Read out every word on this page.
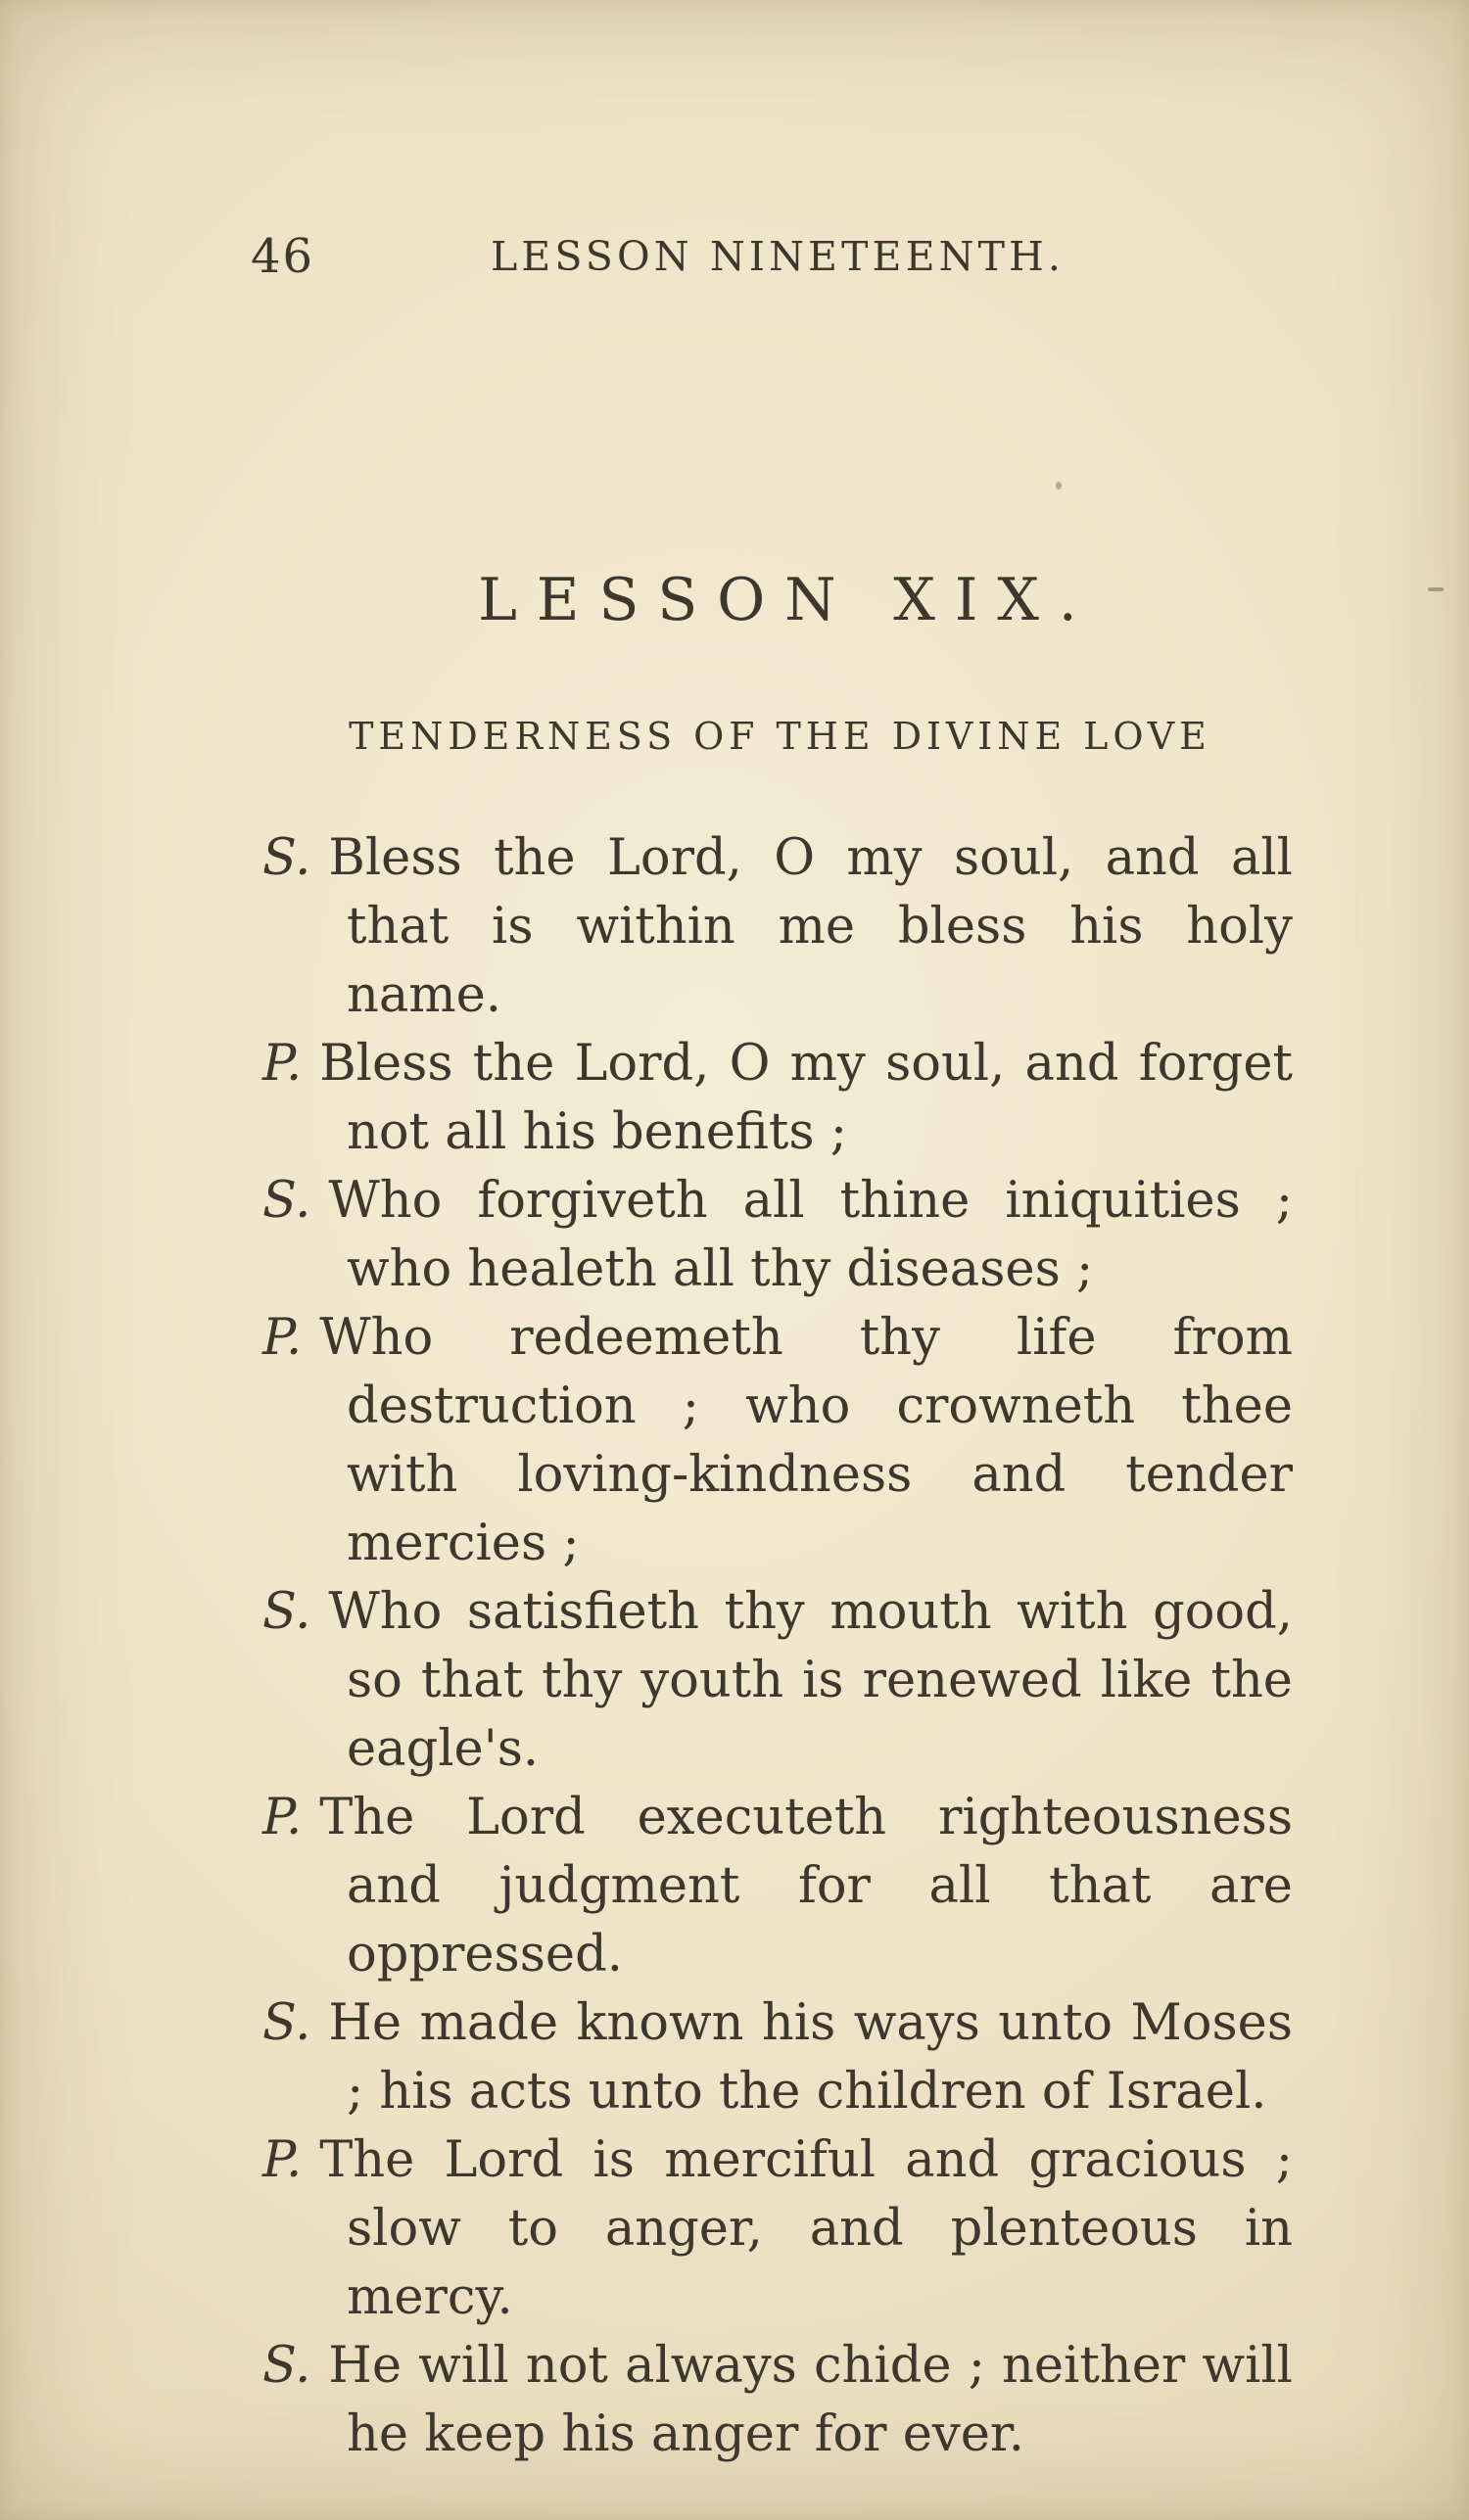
46	LESSON NINETEENTH.
LESSON XIX.
TENDERNESS OF THE DIVINE LOVE

S. Bless the Lord, O my soul, and all that is within me bless his holy name.

P. Bless the Lord, O my soul, and forget not all his benefits ;

S. Who forgiveth all thine iniquities ; who healeth all thy diseases ;

P. Who redeemeth thy life from destruction ; who crowneth thee with loving-kindness and tender mercies ;

S. Who satisfieth thy mouth with good, so that thy youth is renewed like the eagle's.

P. The Lord executeth righteousness and judgment for all that are oppressed.

S. He made known his ways unto Moses ; his acts unto the children of Israel.

P. The Lord is merciful and gracious ; slow to anger, and plenteous in mercy.

S. He will not always chide ; neither will he keep his anger for ever.
